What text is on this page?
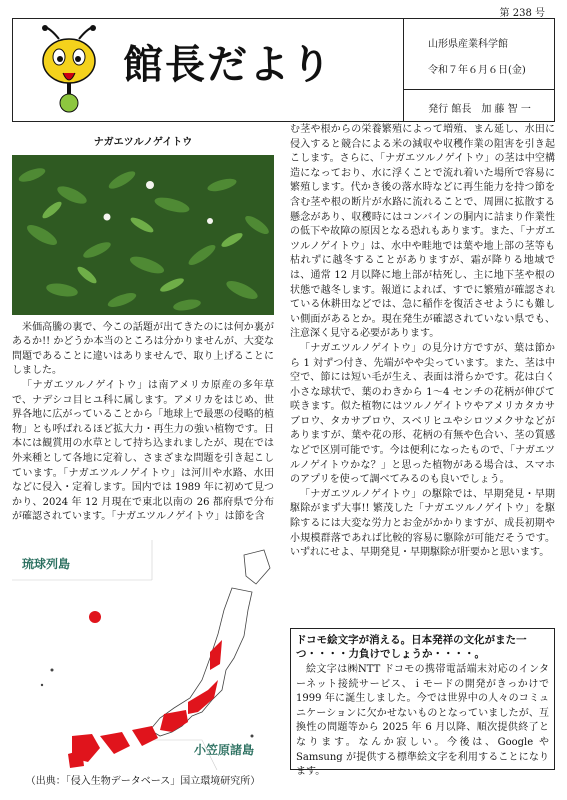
第 238 号
館長だより	山形県産業科学館
令和７年６月６日(金)
発行 館長　加 藤 智 一
ナガエツルノゲイトウ

米価高騰の裏で、今この話題が出てきたのには何か裏があるか!! かどうか本当のところは分かりませんが、大変な問題であることに違いはありませんで、取り上げることにしました。

「ナガエツルノゲイトウ」は南アメリカ原産の多年草で、ナデシコ目ヒユ科に属します。アメリカをはじめ、世界各地に広がっていることから「地球上で最悪の侵略的植物」とも呼ばれるほど拡大力・再生力の強い植物です。日本には観賞用の水草として持ち込まれましたが、現在では外来種として各地に定着し、さまざまな問題を引き起こしています。「ナガエツルノゲイトウ」は河川や水路、水田などに侵入・定着します。国内では 1989 年に初めて見つかり、2024 年 12 月現在で東北以南の 26 都府県で分布が確認されています。「ナガエツルノゲイトウ」は節を含

琉球列島
小笠原諸島
（出典：「侵入生物データベース」国立環境研究所）

む茎や根からの栄養繁殖によって増殖、まん延し、水田に侵入すると競合による米の減収や収穫作業の阻害を引き起こします。さらに、「ナガエツルノゲイトウ」の茎は中空構造になっており、水に浮くことで流れ着いた場所で容易に繁殖します。代かき後の落水時などに再生能力を持つ節を含む茎や根の断片が水路に流れることで、周囲に拡散する懸念があり、収穫時にはコンバインの胴内に詰まり作業性の低下や故障の原因となる恐れもあります。また、「ナガエツルノゲイトウ」は、水中や畦地では葉や地上部の茎等も枯れずに越冬することがありますが、霜が降りる地域では、通常 12 月以降に地上部が枯死し、主に地下茎や根の状態で越冬します。報道によれば、すでに繁殖が確認されている休耕田などでは、急に稲作を復活させようにも難しい側面があるとか。現在発生が確認されていない県でも、注意深く見守る必要があります。

「ナガエツルノゲイトウ」の見分け方ですが、葉は節から 1 対ずつ付き、先端がやや尖っています。また、茎は中空で、節には短い毛が生え、表面は滑らかです。花は白く小さな球状で、葉のわきから 1～4 センチの花柄が伸びて咲きます。似た植物にはツルノゲイトウやアメリカタカサブロウ、タカサブロウ、スベリヒユやシロツメクサなどがありますが、葉や花の形、花柄の有無や色合い、茎の質感などで区別可能です。今は便利になったもので、「ナガエツルノゲイトウかな？」と思った植物がある場合は、スマホのアプリを使って調べてみるのも良いでしょう。

「ナガエツルノゲイトウ」の駆除では、早期発見・早期駆除がまず大事!! 繁茂した「ナガエツルノゲイトウ」を駆除するには大変な労力とお金がかかりますが、成長初期や小規模群落であれば比較的容易に駆除が可能だそうです。いずれにせよ、早期発見・早期駆除が肝要かと思います。

ドコモ絵文字が消える。日本発祥の文化がまた一つ・・・・力負けでしょうか・・・・。

絵文字は㈱NTT ドコモの携帯電話端末対応のインターネット接続サービス、ｉモードの開発がきっかけで 1999 年に誕生しました。今では世界中の人々のコミュニケーションに欠かせないものとなっていましたが、互換性の問題等から 2025 年 6 月以降、順次提供終了となります。なんか寂しい。今後は、Google や Samsung が提供する標準絵文字を利用することになります。
